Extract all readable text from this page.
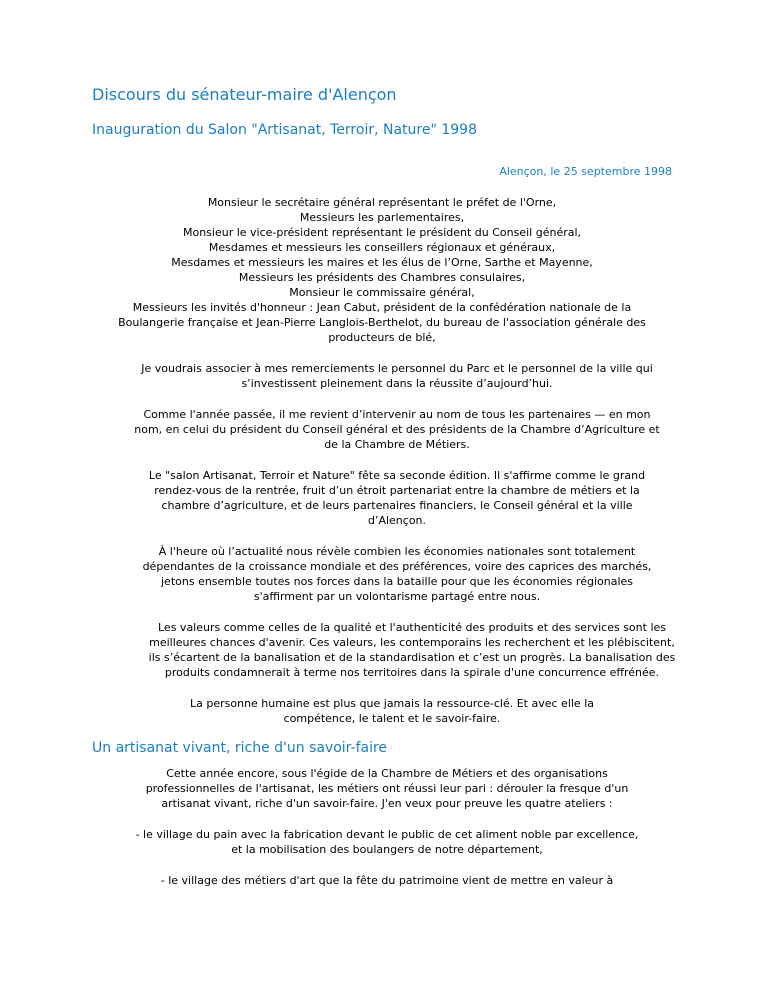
Discours du sénateur-maire d'Alençon
Inauguration du Salon "Artisanat, Terroir, Nature" 1998
Alençon, le 25 septembre 1998
Monsieur le secrétaire général représentant le préfet de l'Orne,
Messieurs les parlementaires,
Monsieur le vice-président représentant le président du Conseil général,
Mesdames et messieurs les conseillers régionaux et généraux,
Mesdames et messieurs les maires et les élus de l’Orne, Sarthe et Mayenne,
Messieurs les présidents des Chambres consulaires,
Monsieur le commissaire général,
Messieurs les invités d'honneur : Jean Cabut, président de la confédération nationale de la Boulangerie française et Jean-Pierre Langlois-Berthelot, du bureau de l'association générale des producteurs de blé,

Je voudrais associer à mes remerciements le personnel du Parc et le personnel de la ville qui s’investissent pleinement dans la réussite d’aujourd’hui.

Comme l'année passée, il me revient d’intervenir au nom de tous les partenaires — en mon nom, en celui du président du Conseil général et des présidents de la Chambre d’Agriculture et de la Chambre de Métiers.

Le "salon Artisanat, Terroir et Nature" fête sa seconde édition. Il s'affirme comme le grand rendez-vous de la rentrée, fruit d’un étroit partenariat entre la chambre de métiers et la chambre d’agriculture, et de leurs partenaires financiers, le Conseil général et la ville d’Alençon.

À l'heure où l’actualité nous révèle combien les économies nationales sont totalement dépendantes de la croissance mondiale et des préférences, voire des caprices des marchés, jetons ensemble toutes nos forces dans la bataille pour que les économies régionales s'affirment par un volontarisme partagé entre nous.

Les valeurs comme celles de la qualité et l'authenticité des produits et des services sont les meilleures chances d'avenir. Ces valeurs, les contemporains les recherchent et les plébiscitent, ils s’écartent de la banalisation et de la standardisation et c’est un progrès. La banalisation des produits condamnerait à terme nos territoires dans la spirale d'une concurrence effrénée.

La personne humaine est plus que jamais la ressource-clé. Et avec elle la compétence, le talent et le savoir-faire.

Un artisanat vivant, riche d'un savoir-faire

Cette année encore, sous l'égide de la Chambre de Métiers et des organisations professionnelles de l'artisanat, les métiers ont réussi leur pari : dérouler la fresque d'un artisanat vivant, riche d'un savoir-faire. J'en veux pour preuve les quatre ateliers :

- le village du pain avec la fabrication devant le public de cet aliment noble par excellence, et la mobilisation des boulangers de notre département,

- le village des métiers d'art que la fête du patrimoine vient de mettre en valeur à
